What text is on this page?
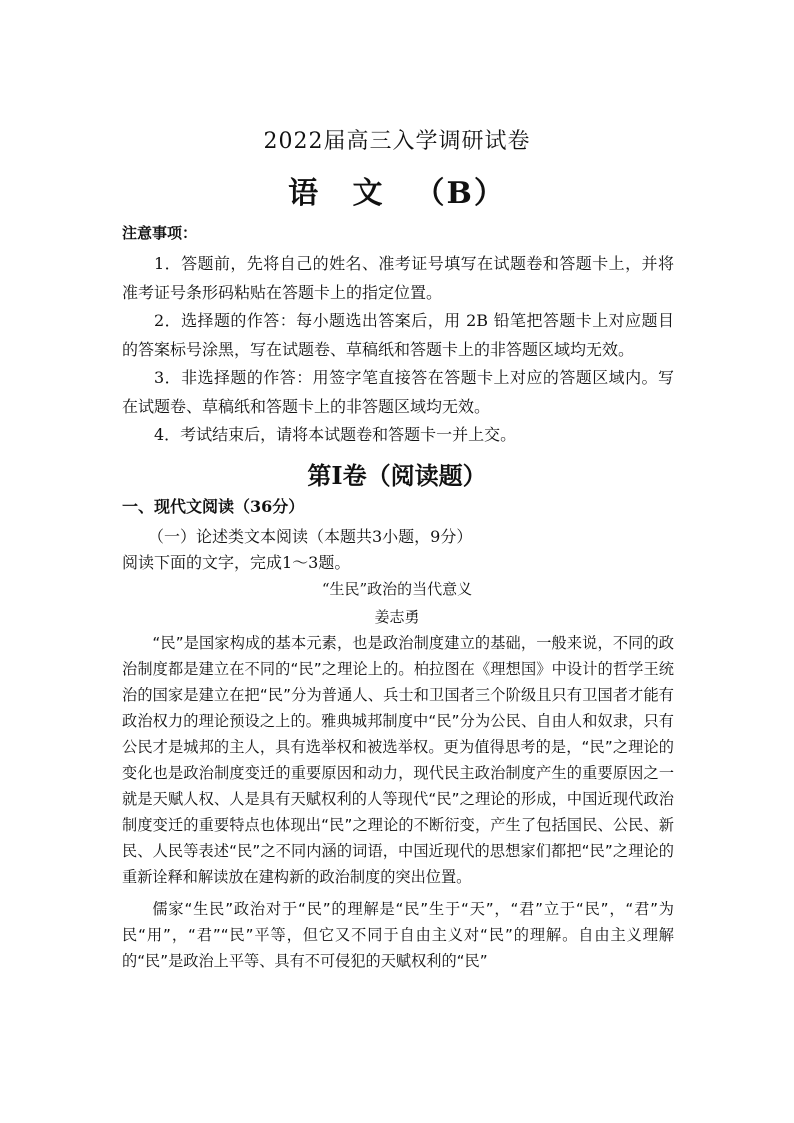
2022届高三入学调研试卷
语 文 （B）
注意事项：

1．答题前，先将自己的姓名、准考证号填写在试题卷和答题卡上，并将准考证号条形码粘贴在答题卡上的指定位置。

2．选择题的作答：每小题选出答案后，用 2B 铅笔把答题卡上对应题目的答案标号涂黑，写在试题卷、草稿纸和答题卡上的非答题区域均无效。

3．非选择题的作答：用签字笔直接答在答题卡上对应的答题区域内。写在试题卷、草稿纸和答题卡上的非答题区域均无效。

4．考试结束后，请将本试题卷和答题卡一并上交。

第Ⅰ卷（阅读题）
一、现代文阅读（36分）
（一）论述类文本阅读（本题共3小题，9分）
阅读下面的文字，完成1～3题。
“生民”政治的当代意义
姜志勇

“民”是国家构成的基本元素，也是政治制度建立的基础，一般来说，不同的政治制度都是建立在不同的“民”之理论上的。柏拉图在《理想国》中设计的哲学王统治的国家是建立在把“民”分为普通人、兵士和卫国者三个阶级且只有卫国者才能有政治权力的理论预设之上的。雅典城邦制度中“民”分为公民、自由人和奴隶，只有公民才是城邦的主人，具有选举权和被选举权。更为值得思考的是，“民”之理论的变化也是政治制度变迁的重要原因和动力，现代民主政治制度产生的重要原因之一就是天赋人权、人是具有天赋权利的人等现代“民”之理论的形成，中国近现代政治制度变迁的重要特点也体现出“民”之理论的不断衍变，产生了包括国民、公民、新民、人民等表述“民”之不同内涵的词语，中国近现代的思想家们都把“民”之理论的重新诠释和解读放在建构新的政治制度的突出位置。

儒家“生民”政治对于“民”的理解是“民”生于“天”，“君”立于“民”，“君”为民“用”，“君”“民”平等，但它又不同于自由主义对“民”的理解。自由主义理解的“民”是政治上平等、具有不可侵犯的天赋权利的“民”
